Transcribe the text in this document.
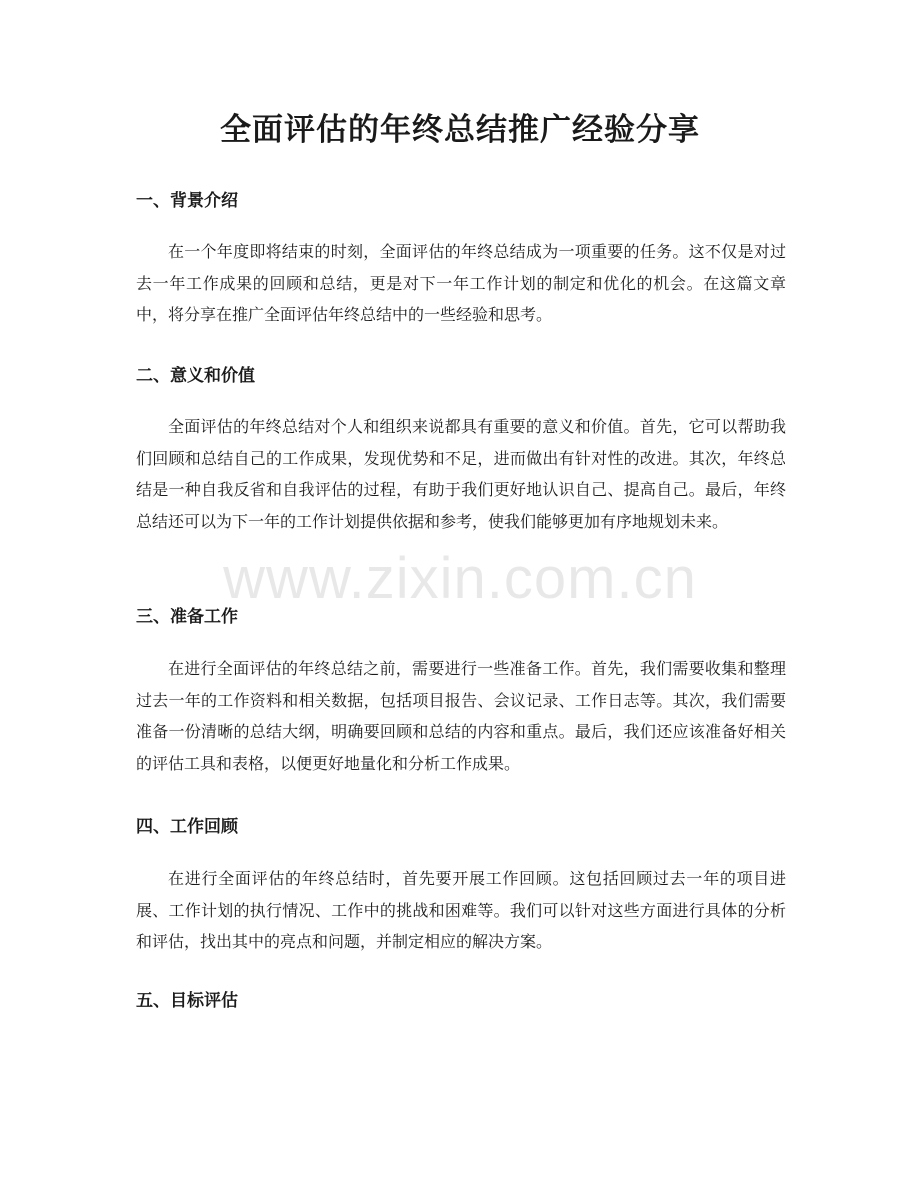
全面评估的年终总结推广经验分享
一、背景介绍

在一个年度即将结束的时刻，全面评估的年终总结成为一项重要的任务。这不仅是对过去一年工作成果的回顾和总结，更是对下一年工作计划的制定和优化的机会。在这篇文章中，将分享在推广全面评估年终总结中的一些经验和思考。

二、意义和价值

全面评估的年终总结对个人和组织来说都具有重要的意义和价值。首先，它可以帮助我们回顾和总结自己的工作成果，发现优势和不足，进而做出有针对性的改进。其次，年终总结是一种自我反省和自我评估的过程，有助于我们更好地认识自己、提高自己。最后，年终总结还可以为下一年的工作计划提供依据和参考，使我们能够更加有序地规划未来。

三、准备工作

在进行全面评估的年终总结之前，需要进行一些准备工作。首先，我们需要收集和整理过去一年的工作资料和相关数据，包括项目报告、会议记录、工作日志等。其次，我们需要准备一份清晰的总结大纲，明确要回顾和总结的内容和重点。最后，我们还应该准备好相关的评估工具和表格，以便更好地量化和分析工作成果。

四、工作回顾

在进行全面评估的年终总结时，首先要开展工作回顾。这包括回顾过去一年的项目进展、工作计划的执行情况、工作中的挑战和困难等。我们可以针对这些方面进行具体的分析和评估，找出其中的亮点和问题，并制定相应的解决方案。

五、目标评估
www.zixin.com.cn
